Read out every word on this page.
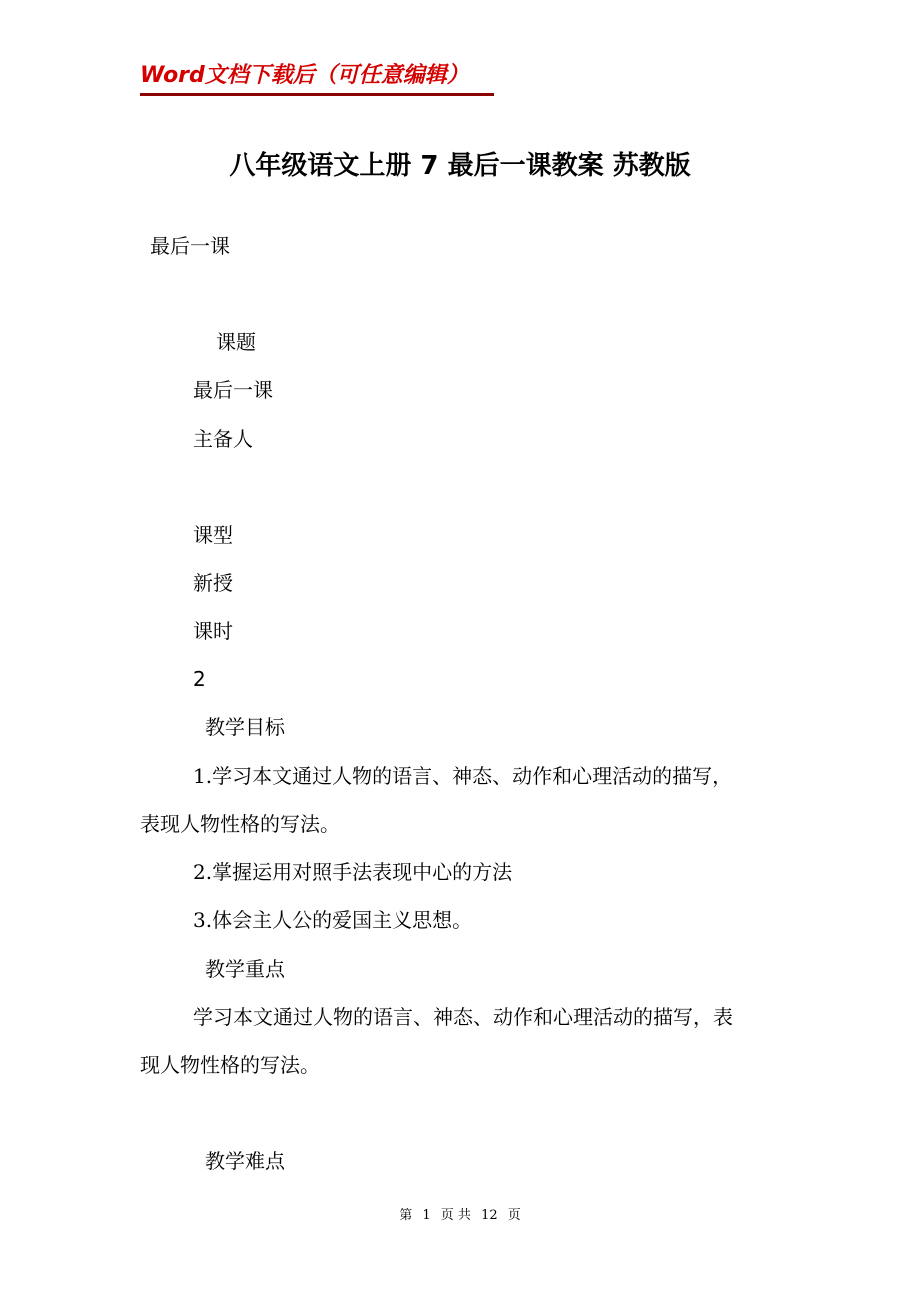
Word文档下载后（可任意编辑）
八年级语文上册 7 最后一课教案 苏教版
最后一课
课题
最后一课
主备人
课型
新授
课时
2
教学目标
1.学习本文通过人物的语言、神态、动作和心理活动的描写，
表现人物性格的写法。
2.掌握运用对照手法表现中心的方法
3.体会主人公的爱国主义思想。
教学重点
学习本文通过人物的语言、神态、动作和心理活动的描写，表
现人物性格的写法。
教学难点
第 1 页 共 12 页
